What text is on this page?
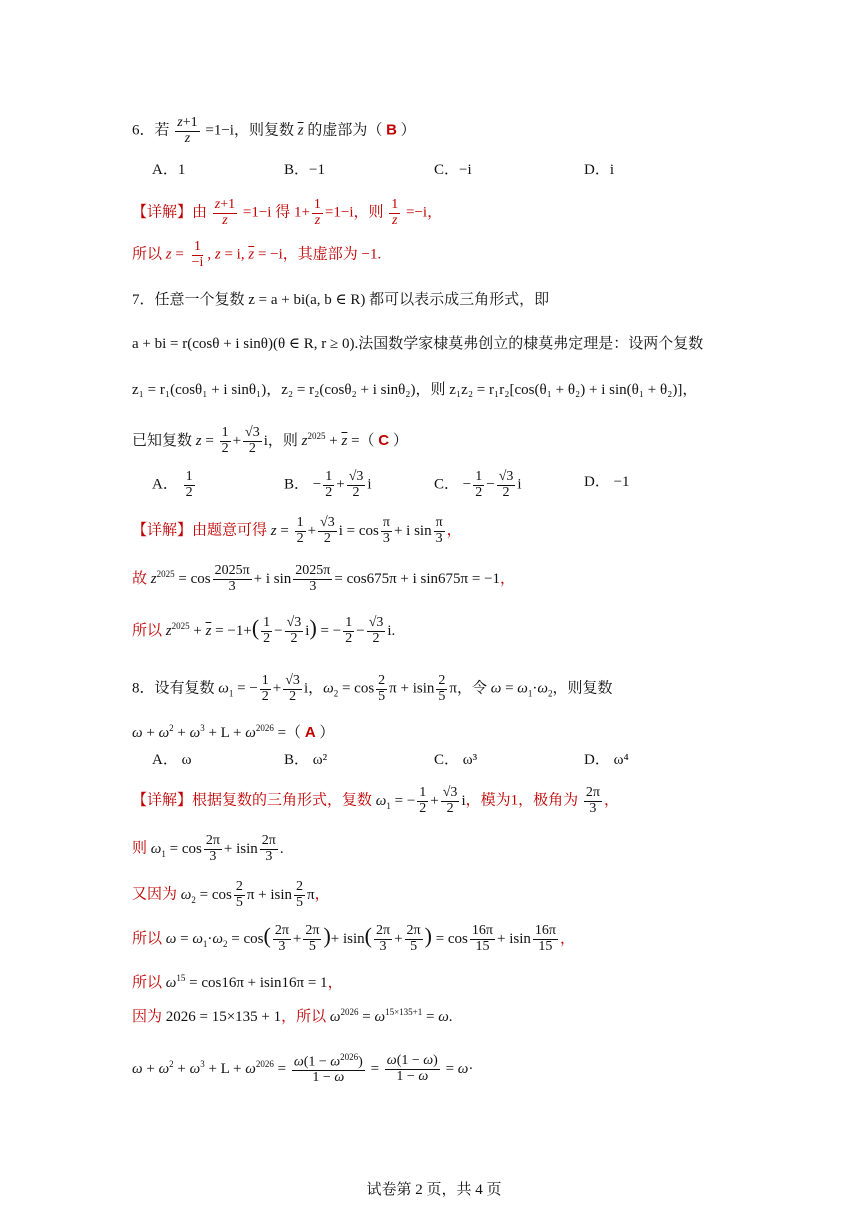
6．若 $\frac{z+1}{z} =1-i$，则复数 $\overline{z}$ 的虚部为（ B ）
A．1	B．−1	C．−i	D．i
【详解】由 $\frac{z+1}{z} =1-i$ 得 $1+ \frac{1}{z} =1-i$，则 $\frac{1}{z} =-i$，
所以 $z = \frac{1}{-i}$ , z = i, $\overline{z} = -i$，其虚部为 −1.
7．任意一个复数 z = a + bi(a, b ∈ R) 都可以表示成三角形式，即
a + bi = r(cosθ + i sinθ)(θ ∈ R, r ≥ 0).法国数学家棣莫弗创立的棣莫弗定理是：设两个复数
z₁ = r₁(cosθ₁ + i sinθ₁)，z₂ = r₂(cosθ₂ + i sinθ₂)，则 z₁z₂ = r₁r₂[cos(θ₁ + θ₂) + i sin(θ₁ + θ₂)]，
已知复数 $z = \frac{1}{2} + \frac{√3}{2}$ i，则 $z^{2025} + \overline{z}$ =（ C ）
A． $\frac{1}{2}$	B． − $\frac{1}{2} + \frac{√3}{2}$ i	C． − $\frac{1}{2} - \frac{√3}{2}$ i	D． −1
【详解】由题意可得 $z = \frac{1}{2} + \frac{√3}{2}$ $i = \cos \frac{\pi}{3} + i$ $\sin \frac{\pi}{3}$ ，
故 $z^{2025} = \cos \frac{2025\pi}{3} + i$ $\sin \frac{2025\pi}{3} = \cos 675\pi + i$ sin675π = −1，
所以 $z^{2025} + \overline{z} = -1+( \frac{1}{2} - \frac{√3}{2} i)$ = − $\frac{1}{2} - \frac{√3}{2} i$.
8．设有复数 $\omega_1$ = − $\frac{1}{2} + \frac{√3}{2}$ i，$\omega_2 = \cos \frac{2}{5}$ π + isin $\frac{2}{5}$ π，令 $\omega = \omega_1\cdot\omega_2$，则复数
$\omega + \omega^2 + \omega^3 + L + \omega^{2026}$ =（ A ）
A． ω	B． ω²	C． ω³	D． ω⁴
【详解】根据复数的三角形式，复数 $\omega_1$ = − $\frac{1}{2} + \frac{√3}{2}$ i，模为1，极角为 $\frac{2\pi}{3}$ ，
则 $\omega_1 = \cos \frac{2\pi}{3} + isin \frac{2\pi}{3}$ .
又因为 $\omega_2 = \cos \frac{2}{5}$ π + isin $\frac{2}{5}$ π，
所以 $\omega = \omega_1\cdot\omega_2 = \cos( \frac{2\pi}{3} + \frac{2\pi}{5}$ )+ $isin( \frac{2\pi}{3} + \frac{2\pi}{5}$ ) = $\cos \frac{16\pi}{15} + isin \frac{16\pi}{15}$ ，
所以 $\omega^{15} = \cos 16\pi + isin16\pi = 1$，
因为 2026 = 15×135 + 1，所以 $\omega^{2026} = \omega^{15\times 135+1} = \omega$.
$\omega + \omega^2 + \omega^3 + L + \omega^{2026} = \frac{\omega(1 - \omega^{2026})}{1 - \omega} = \frac{\omega(1 - \omega)}{1 - \omega} = \omega\cdot$
试卷第 2 页，共 4 页
